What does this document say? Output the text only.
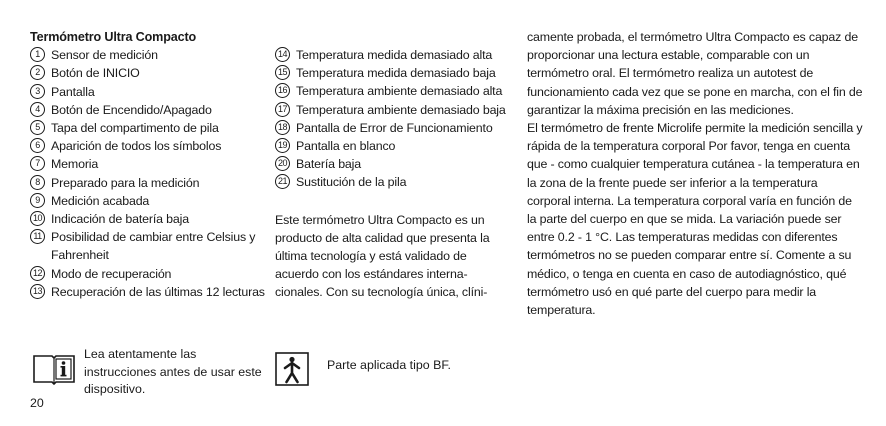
Termómetro Ultra Compacto
1 Sensor de medición
2 Botón de INICIO
3 Pantalla
4 Botón de Encendido/Apagado
5 Tapa del compartimento de pila
6 Aparición de todos los símbolos
7 Memoria
8 Preparado para la medición
9 Medición acabada
10 Indicación de batería baja
11 Posibilidad de cambiar entre Celsius y Fahrenheit
12 Modo de recuperación
13 Recuperación de las últimas 12 lecturas
Lea atentamente las instrucciones antes de usar este dispositivo.
20
14 Temperatura medida demasiado alta
15 Temperatura medida demasiado baja
16 Temperatura ambiente demasiado alta
17 Temperatura ambiente demasiado baja
18 Pantalla de Error de Funcionamiento
19 Pantalla en blanco
20 Batería baja
21 Sustitución de la pila

Este termómetro Ultra Compacto es un producto de alta calidad que presenta la última tecnología y está validado de acuerdo con los estándares interna- cionales. Con su tecnología única, clíni-

Parte aplicada tipo BF.

camente probada, el termómetro Ultra Compacto es capaz de proporcionar una lectura estable, comparable con un termómetro oral. El termómetro realiza un autotest de funcionamiento cada vez que se pone en marcha, con el fin de garantizar la máxima precisión en las mediciones.

El termómetro de frente Microlife permite la medición sencilla y rápida de la temperatura corporal Por favor, tenga en cuenta que - como cualquier temperatura cutánea - la temperatura en la zona de la frente puede ser inferior a la temperatura corporal interna. La temperatura corporal varía en función de la parte del cuerpo en que se mida. La variación puede ser entre 0.2 - 1 °C. Las temperaturas medidas con diferentes termómetros no se pueden comparar entre sí. Comente a su médico, o tenga en cuenta en caso de autodiagnóstico, qué termómetro usó en qué parte del cuerpo para medir la temperatura.
